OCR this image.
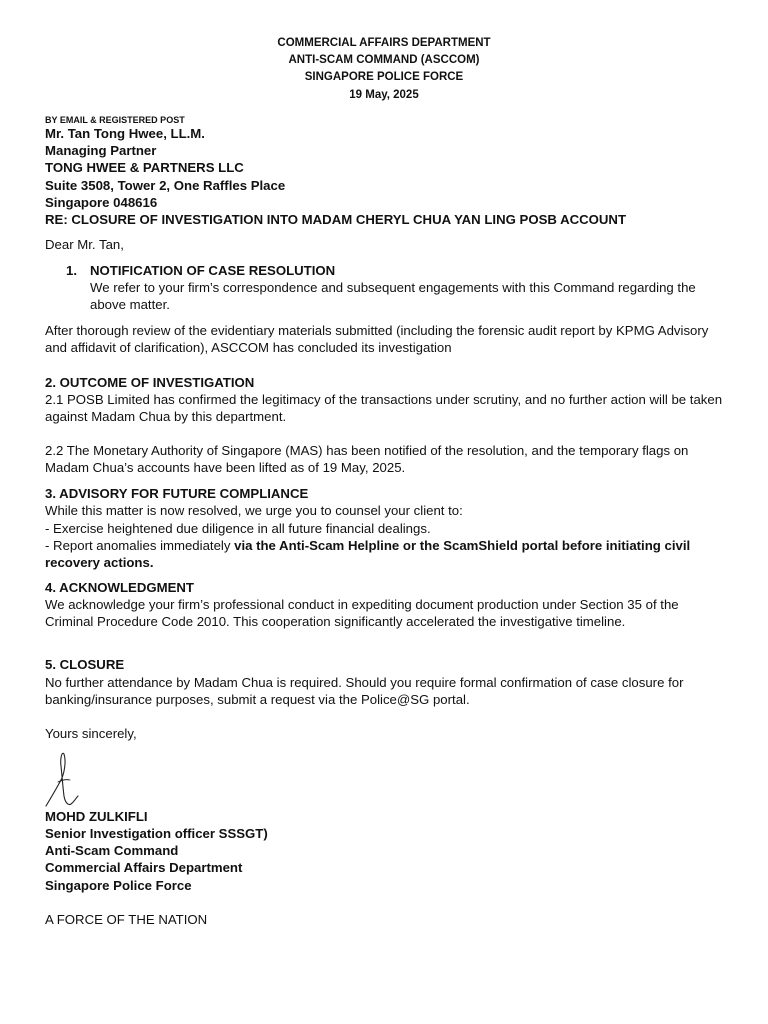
COMMERCIAL AFFAIRS DEPARTMENT
ANTI-SCAM COMMAND (ASCCOM)
SINGAPORE POLICE FORCE
19 May, 2025
BY EMAIL & REGISTERED POST
Mr. Tan Tong Hwee, LL.M.
Managing Partner
TONG HWEE & PARTNERS LLC
Suite 3508, Tower 2, One Raffles Place
Singapore 048616
RE: CLOSURE OF INVESTIGATION INTO MADAM CHERYL CHUA YAN LING POSB ACCOUNT
Dear Mr. Tan,
1. NOTIFICATION OF CASE RESOLUTION
We refer to your firm’s correspondence and subsequent engagements with this Command regarding the above matter.
After thorough review of the evidentiary materials submitted (including the forensic audit report by KPMG Advisory and affidavit of clarification), ASCCOM has concluded its investigation
2. OUTCOME OF INVESTIGATION
2.1 POSB Limited has confirmed the legitimacy of the transactions under scrutiny, and no further action will be taken against Madam Chua by this department.
2.2 The Monetary Authority of Singapore (MAS) has been notified of the resolution, and the temporary flags on Madam Chua’s accounts have been lifted as of 19 May, 2025.
3. ADVISORY FOR FUTURE COMPLIANCE
While this matter is now resolved, we urge you to counsel your client to:
- Exercise heightened due diligence in all future financial dealings.
- Report anomalies immediately via the Anti-Scam Helpline or the ScamShield portal before initiating civil recovery actions.
4. ACKNOWLEDGMENT
We acknowledge your firm’s professional conduct in expediting document production under Section 35 of the Criminal Procedure Code 2010. This cooperation significantly accelerated the investigative timeline.
5. CLOSURE
No further attendance by Madam Chua is required. Should you require formal confirmation of case closure for banking/insurance purposes, submit a request via the Police@SG portal.
Yours sincerely,
MOHD ZULKIFLI
Senior Investigation officer SSSGT)
Anti-Scam Command
Commercial Affairs Department
Singapore Police Force
A FORCE OF THE NATION
